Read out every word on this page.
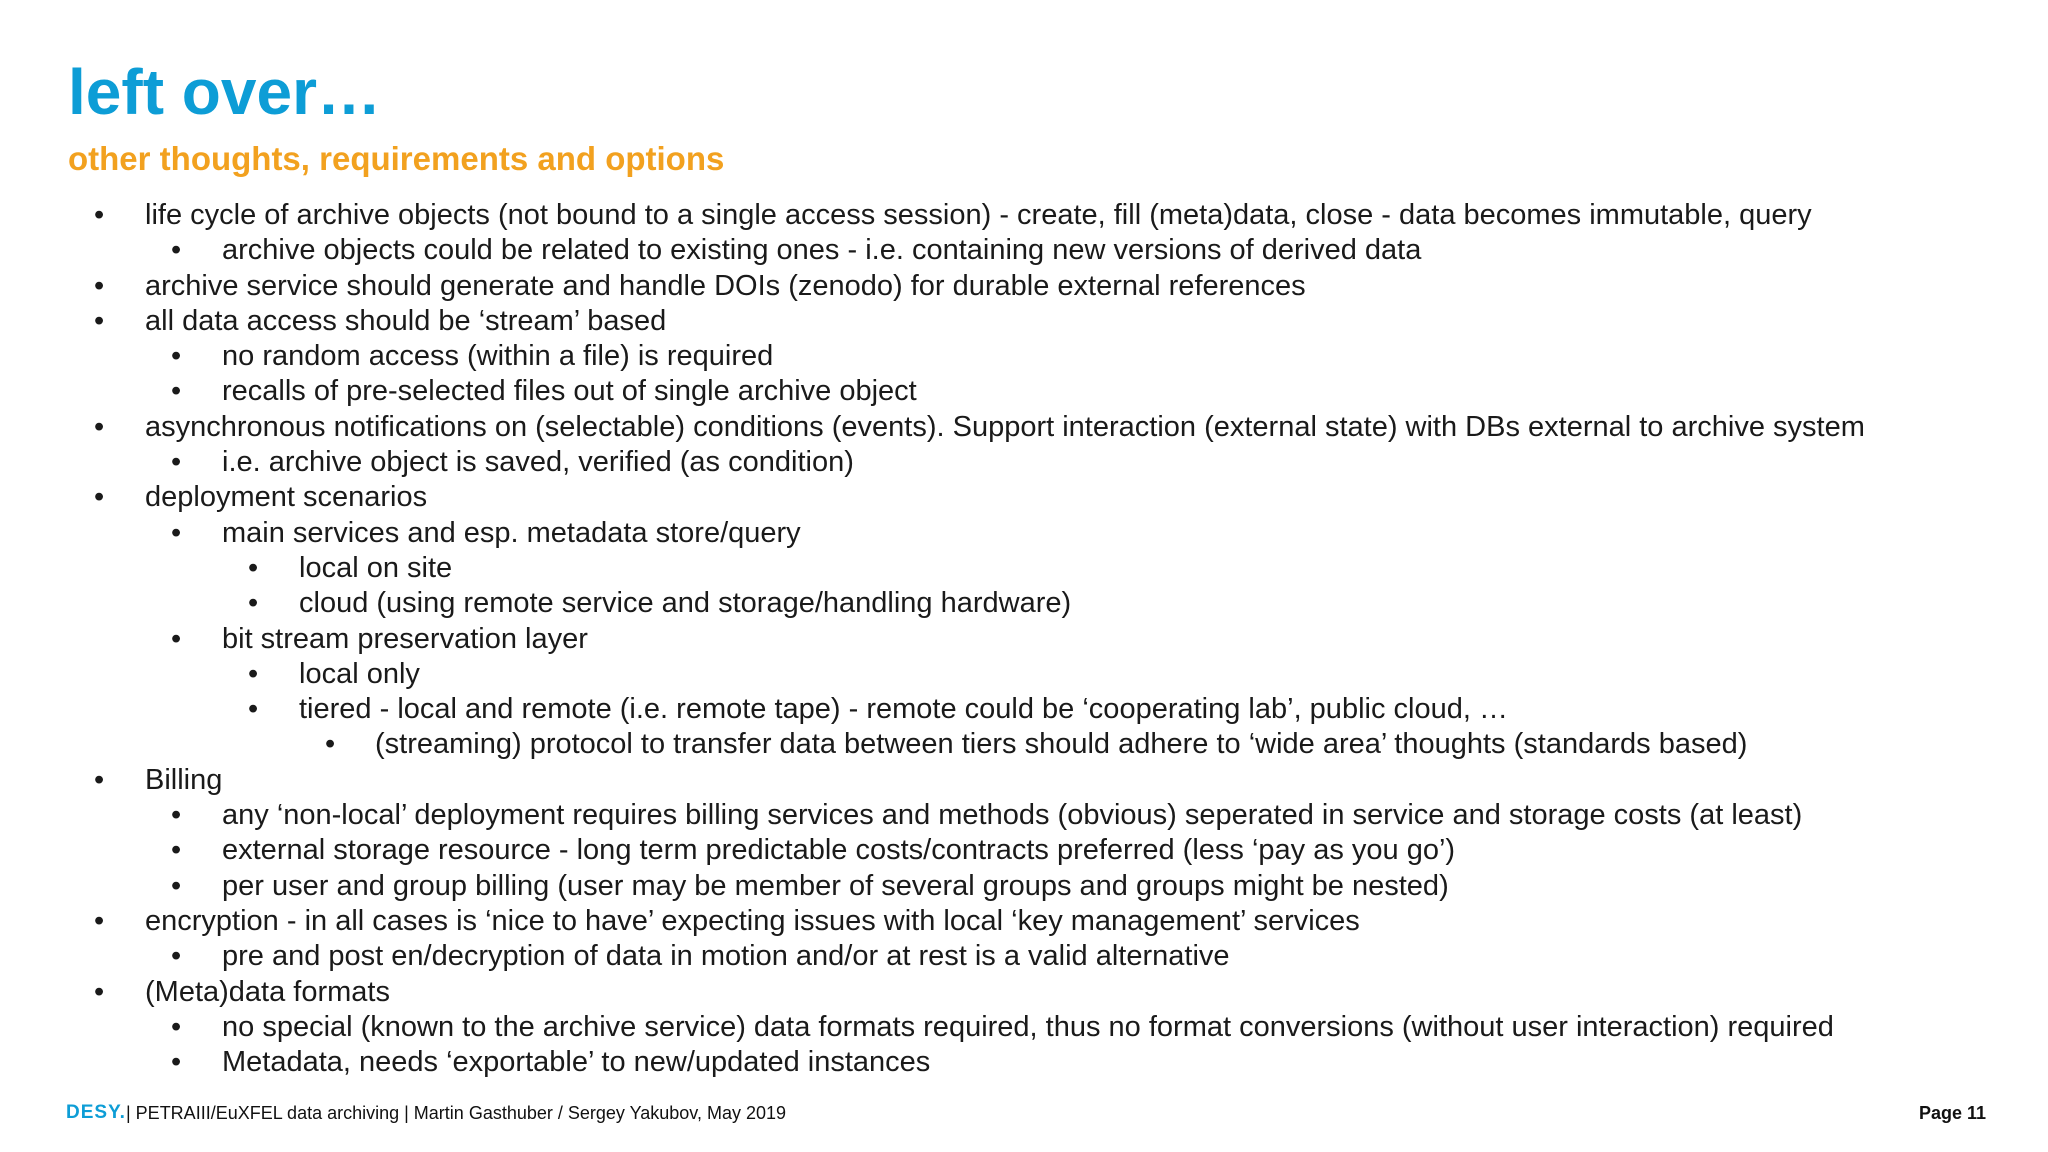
left over…
other thoughts, requirements and options
• life cycle of archive objects (not bound to a single access session) - create, fill (meta)data, close - data becomes immutable, query
• archive objects could be related to existing ones - i.e. containing new versions of derived data
• archive service should generate and handle DOIs (zenodo) for durable external references
• all data access should be ‘stream’ based
• no random access (within a file) is required
• recalls of pre-selected files out of single archive object
• asynchronous notifications on (selectable) conditions (events). Support interaction (external state) with DBs external to archive system
• i.e. archive object is saved, verified (as condition)
• deployment scenarios
• main services and esp. metadata store/query
• local on site
• cloud (using remote service and storage/handling hardware)
• bit stream preservation layer
• local only
• tiered - local and remote (i.e. remote tape) - remote could be ‘cooperating lab’, public cloud, …
• (streaming) protocol to transfer data between tiers should adhere to ‘wide area’ thoughts (standards based)
• Billing
• any ‘non-local’ deployment requires billing services and methods (obvious) seperated in service and storage costs (at least)
• external storage resource - long term predictable costs/contracts preferred (less ‘pay as you go’)
• per user and group billing (user may be member of several groups and groups might be nested)
• encryption - in all cases is ‘nice to have’ expecting issues with local ‘key management’ services
• pre and post en/decryption of data in motion and/or at rest is a valid alternative
• (Meta)data formats
• no special (known to the archive service) data formats required, thus no format conversions (without user interaction) required
• Metadata, needs ‘exportable’ to new/updated instances
DESY. | PETRAIII/EuXFEL data archiving | Martin Gasthuber / Sergey Yakubov, May 2019	Page 11
